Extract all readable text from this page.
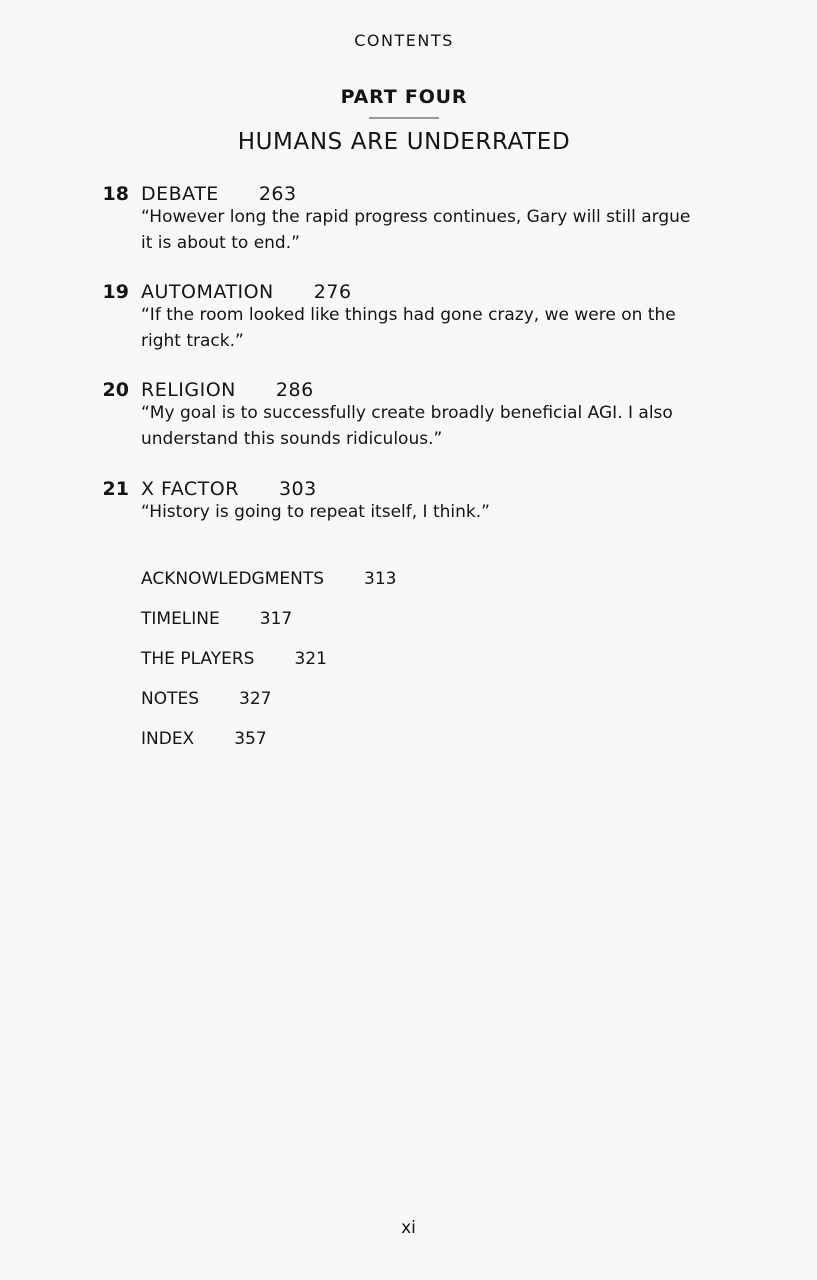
CONTENTS
PART FOUR
HUMANS ARE UNDERRATED
18 DEBATE 263
“However long the rapid progress continues, Gary will still argue it is about to end.”
19 AUTOMATION 276
“If the room looked like things had gone crazy, we were on the right track.”
20 RELIGION 286
“My goal is to successfully create broadly beneficial AGI. I also understand this sounds ridiculous.”
21 X FACTOR 303
“History is going to repeat itself, I think.”
ACKNOWLEDGMENTS 313
TIMELINE 317
THE PLAYERS 321
NOTES 327
INDEX 357
xi
